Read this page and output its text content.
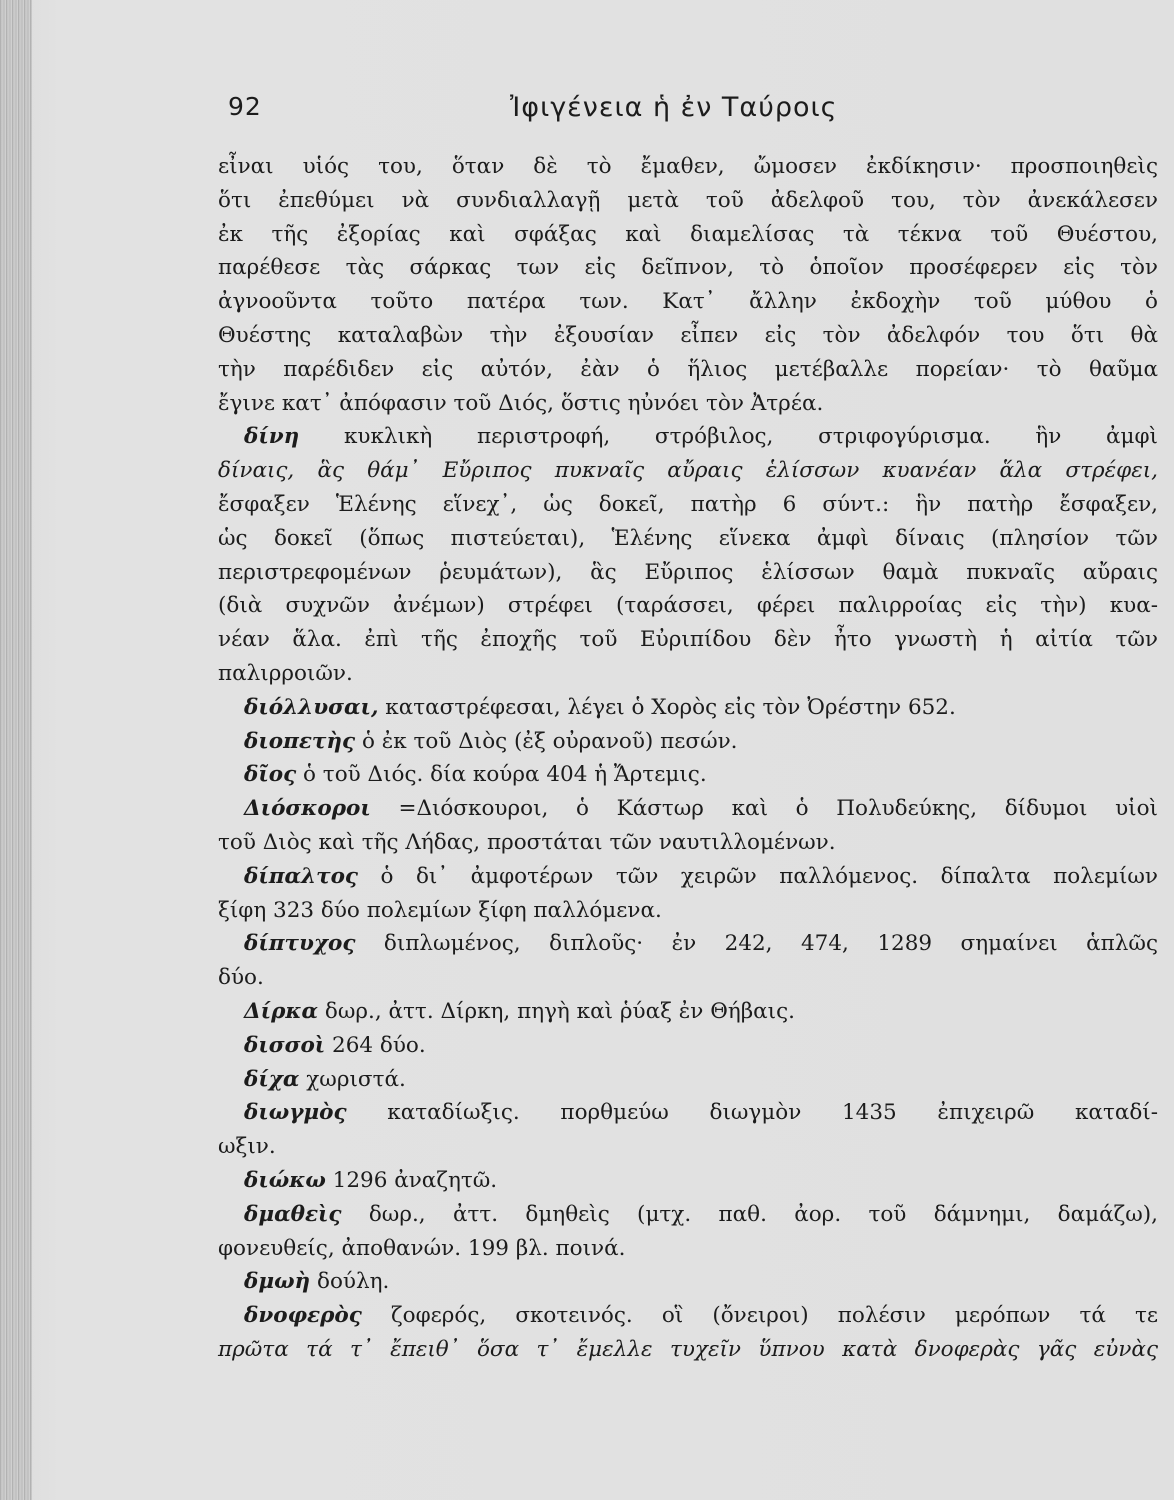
92	Ἰφιγένεια ἡ ἐν Ταύροις
εἶναι υἱός του, ὅταν δὲ τὸ ἔμαθεν, ὤμοσεν ἐκδίκησιν· προσποιηθεὶς
ὅτι ἐπεθύμει νὰ συνδιαλλαγῇ μετὰ τοῦ ἀδελφοῦ του, τὸν ἀνεκάλεσεν
ἐκ τῆς ἐξορίας καὶ σφάξας καὶ διαμελίσας τὰ τέκνα τοῦ Θυέστου,
παρέθεσε τὰς σάρκας των εἰς δεῖπνον, τὸ ὁποῖον προσέφερεν εἰς τὸν
ἀγνοοῦντα τοῦτο πατέρα των. Κατ᾿ ἄλλην ἐκδοχὴν τοῦ μύθου ὁ
Θυέστης καταλαβὼν τὴν ἐξουσίαν εἶπεν εἰς τὸν ἀδελφόν του ὅτι θὰ
τὴν παρέδιδεν εἰς αὐτόν, ἐὰν ὁ ἥλιος μετέβαλλε πορείαν· τὸ θαῦμα
ἔγινε κατ᾿ ἀπόφασιν τοῦ Διός, ὅστις ηὐνόει τὸν Ἀτρέα.
δίνη κυκλικὴ περιστροφή, στρόβιλος, στριφογύρισμα. ἣν ἀμφὶ
δίναις, ἃς θάμ᾿ Εὔριπος πυκναῖς αὔραις ἑλίσσων κυανέαν ἅλα στρέφει,
ἔσφαξεν Ἑλένης εἵνεχ᾿, ὡς δοκεῖ, πατὴρ 6 σύντ.: ἣν πατὴρ ἔσφαξεν,
ὡς δοκεῖ (ὅπως πιστεύεται), Ἑλένης εἵνεκα ἀμφὶ δίναις (πλησίον τῶν
περιστρεφομένων ῥευμάτων), ἃς Εὔριπος ἑλίσσων θαμὰ πυκναῖς αὔραις
(διὰ συχνῶν ἀνέμων) στρέφει (ταράσσει, φέρει παλιρροίας εἰς τὴν) κυα-
νέαν ἅλα. ἐπὶ τῆς ἐποχῆς τοῦ Εὐριπίδου δὲν ἦτο γνωστὴ ἡ αἰτία τῶν
παλιρροιῶν.
διόλλυσαι, καταστρέφεσαι, λέγει ὁ Χορὸς εἰς τὸν Ὀρέστην 652.
διοπετὴς ὁ ἐκ τοῦ Διὸς (ἐξ οὐρανοῦ) πεσών.
δῖος ὁ τοῦ Διός. δία κούρα 404 ἡ Ἄρτεμις.
Διόσκοροι =Διόσκουροι, ὁ Κάστωρ καὶ ὁ Πολυδεύκης, δίδυμοι υἱοὶ
τοῦ Διὸς καὶ τῆς Λήδας, προστάται τῶν ναυτιλλομένων.
δίπαλτος ὁ δι᾿ ἀμφοτέρων τῶν χειρῶν παλλόμενος. δίπαλτα πολεμίων
ξίφη 323 δύο πολεμίων ξίφη παλλόμενα.
δίπτυχος διπλωμένος, διπλοῦς· ἐν 242, 474, 1289 σημαίνει ἁπλῶς
δύο.
Δίρκα δωρ., ἀττ. Δίρκη, πηγὴ καὶ ῥύαξ ἐν Θήβαις.
δισσοὶ 264 δύο.
δίχα χωριστά.
διωγμὸς καταδίωξις. πορθμεύω διωγμὸν 1435 ἐπιχειρῶ καταδί-
ωξιν.
διώκω 1296 ἀναζητῶ.
δμαθεὶς δωρ., ἀττ. δμηθεὶς (μτχ. παθ. ἀορ. τοῦ δάμνημι, δαμάζω),
φονευθείς, ἀποθανών. 199 βλ. ποινά.
δμωὴ δούλη.
δνοφερὸς ζοφερός, σκοτεινός. οἳ (ὄνειροι) πολέσιν μερόπων τά τε
πρῶτα τά τ᾿ ἔπειθ᾿ ὅσα τ᾿ ἔμελλε τυχεῖν ὕπνου κατὰ δνοφερὰς γᾶς εὐνὰς
